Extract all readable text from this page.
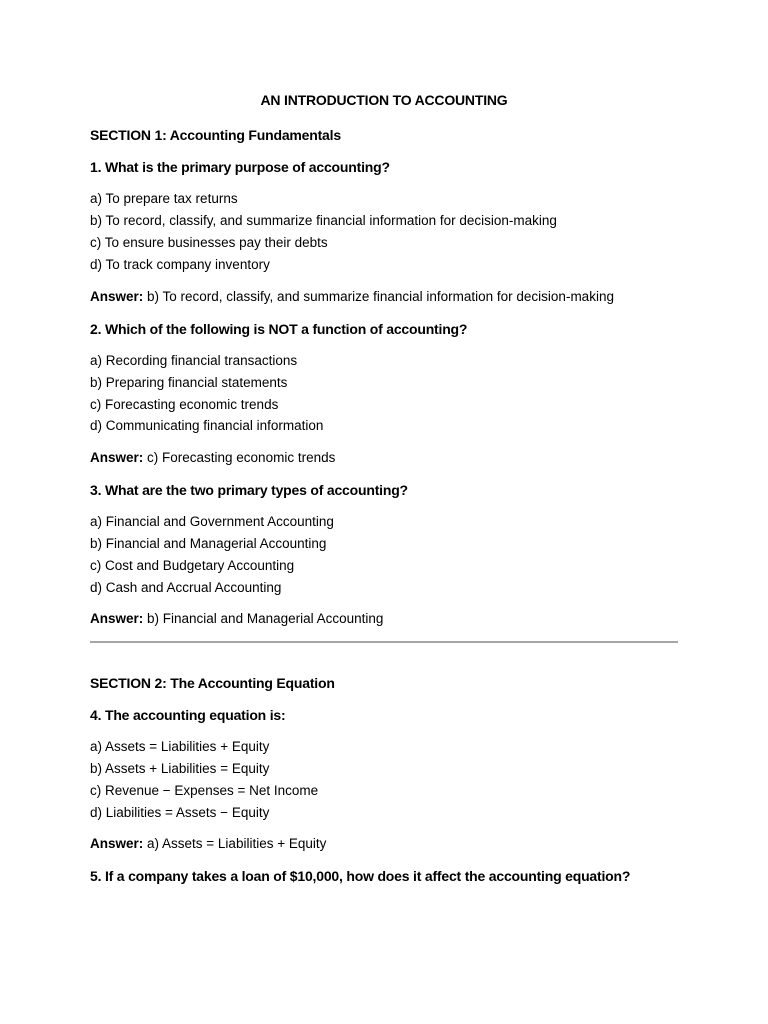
AN INTRODUCTION TO ACCOUNTING
SECTION 1: Accounting Fundamentals
1. What is the primary purpose of accounting?
a) To prepare tax returns
b) To record, classify, and summarize financial information for decision-making
c) To ensure businesses pay their debts
d) To track company inventory
Answer: b) To record, classify, and summarize financial information for decision-making
2. Which of the following is NOT a function of accounting?
a) Recording financial transactions
b) Preparing financial statements
c) Forecasting economic trends
d) Communicating financial information
Answer: c) Forecasting economic trends
3. What are the two primary types of accounting?
a) Financial and Government Accounting
b) Financial and Managerial Accounting
c) Cost and Budgetary Accounting
d) Cash and Accrual Accounting
Answer: b) Financial and Managerial Accounting
SECTION 2: The Accounting Equation
4. The accounting equation is:
a) Assets = Liabilities + Equity
b) Assets + Liabilities = Equity
c) Revenue − Expenses = Net Income
d) Liabilities = Assets − Equity
Answer: a) Assets = Liabilities + Equity
5. If a company takes a loan of $10,000, how does it affect the accounting equation?
